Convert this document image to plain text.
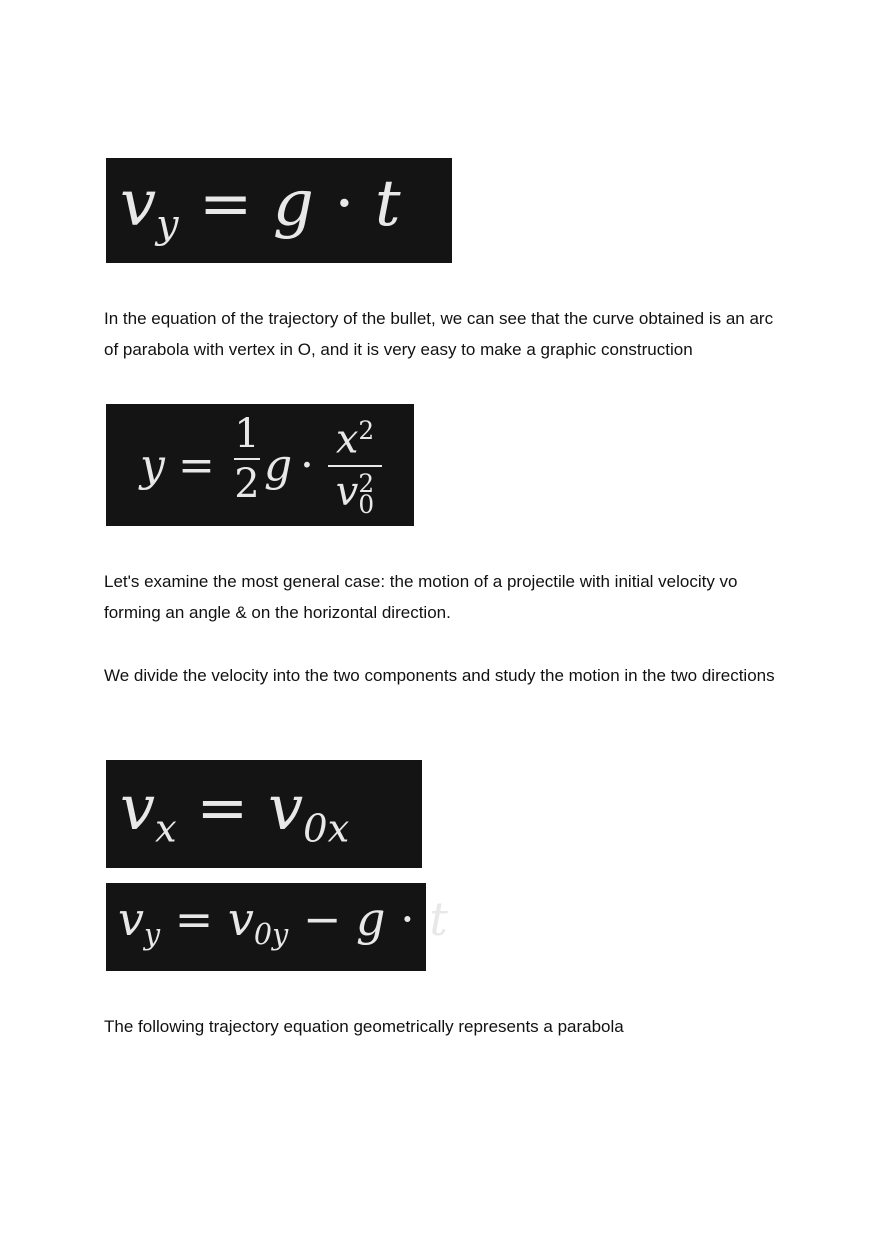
$v_y = g \cdot t$

In the equation of the trajectory of the bullet, we can see that the curve obtained is an arc of parabola with vertex in O, and it is very easy to make a graphic construction

y =
1
2 g ·
$x^2$
v 2
0

Let's examine the most general case: the motion of a projectile with initial velocity vo forming an angle & on the horizontal direction.

We divide the velocity into the two components and study the motion in the two directions

$v_x = v_{0x}$
$v_y = v_{0y} - g \cdot t$

The following trajectory equation geometrically represents a parabola
